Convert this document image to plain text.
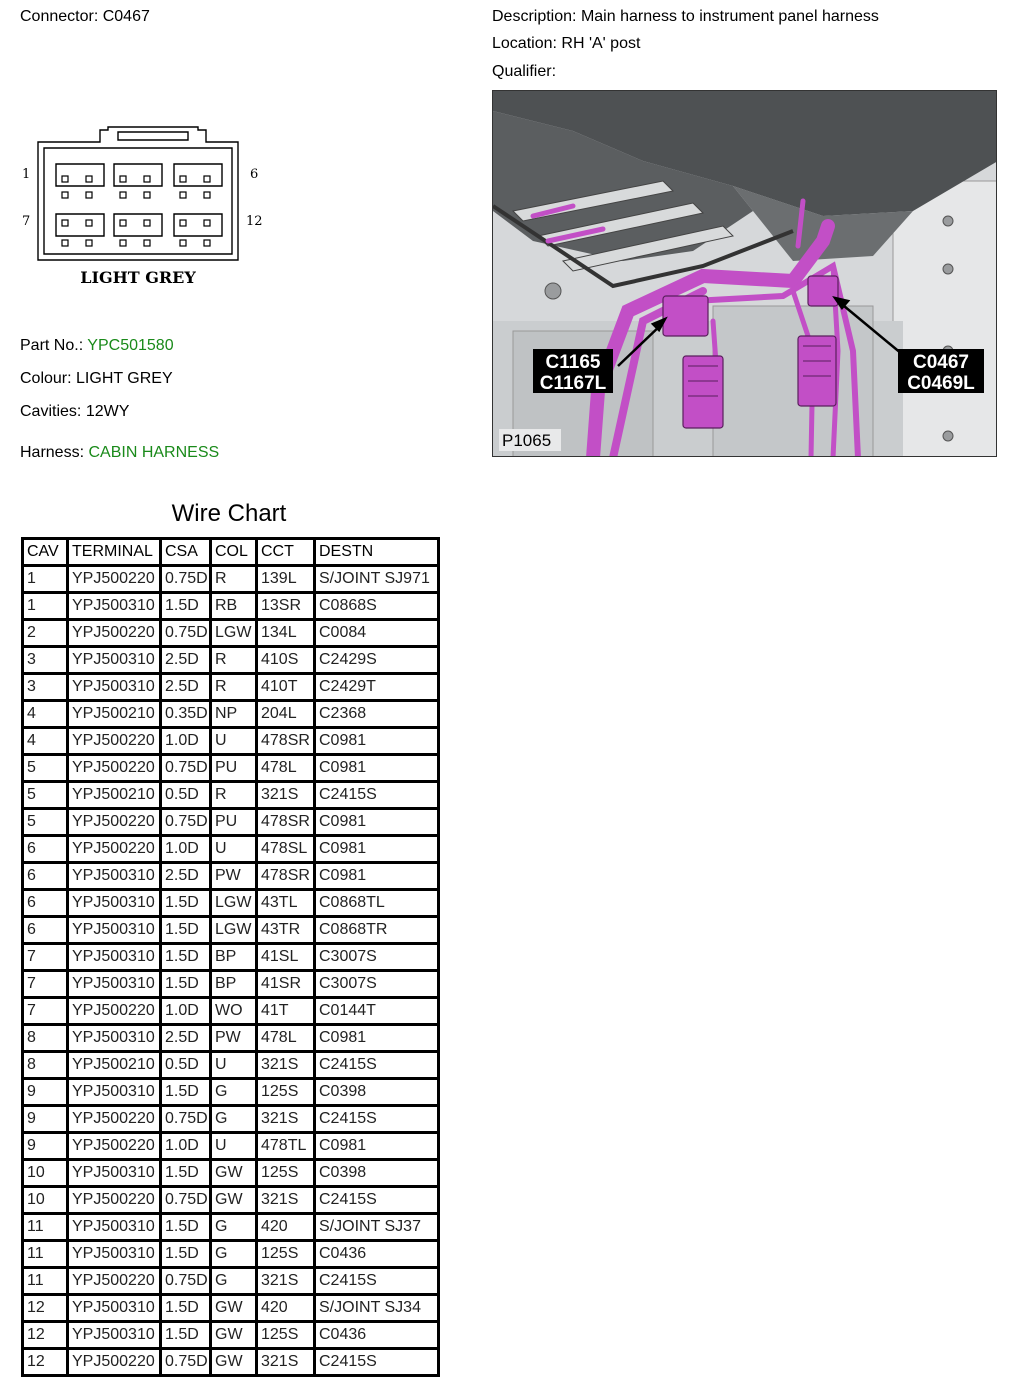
Connector: C0467	Description: Main harness to instrument panel harness
Location: RH 'A' post
Qualifier:
1	6
7	12
LIGHT GREY
Part No.: YPC501580
Colour: LIGHT GREY
Cavities: 12WY
Harness: CABIN HARNESS
C1165
C1167L
C0467
C0469L
P1065
Wire Chart
CAV	TERMINAL	CSA	COL	CCT	DESTN
1	YPJ500220	0.75D	R	139L	S/JOINT SJ971
1	YPJ500310	1.5D	RB	13SR	C0868S
2	YPJ500220	0.75D	LGW	134L	C0084
3	YPJ500310	2.5D	R	410S	C2429S
3	YPJ500310	2.5D	R	410T	C2429T
4	YPJ500210	0.35D	NP	204L	C2368
4	YPJ500220	1.0D	U	478SR	C0981
5	YPJ500220	0.75D	PU	478L	C0981
5	YPJ500210	0.5D	R	321S	C2415S
5	YPJ500220	0.75D	PU	478SR	C0981
6	YPJ500220	1.0D	U	478SL	C0981
6	YPJ500310	2.5D	PW	478SR	C0981
6	YPJ500310	1.5D	LGW	43TL	C0868TL
6	YPJ500310	1.5D	LGW	43TR	C0868TR
7	YPJ500310	1.5D	BP	41SL	C3007S
7	YPJ500310	1.5D	BP	41SR	C3007S
7	YPJ500220	1.0D	WO	41T	C0144T
8	YPJ500310	2.5D	PW	478L	C0981
8	YPJ500210	0.5D	U	321S	C2415S
9	YPJ500310	1.5D	G	125S	C0398
9	YPJ500220	0.75D	G	321S	C2415S
9	YPJ500220	1.0D	U	478TL	C0981
10	YPJ500310	1.5D	GW	125S	C0398
10	YPJ500220	0.75D	GW	321S	C2415S
11	YPJ500310	1.5D	G	420	S/JOINT SJ37
11	YPJ500310	1.5D	G	125S	C0436
11	YPJ500220	0.75D	G	321S	C2415S
12	YPJ500310	1.5D	GW	420	S/JOINT SJ34
12	YPJ500310	1.5D	GW	125S	C0436
12	YPJ500220	0.75D	GW	321S	C2415S
